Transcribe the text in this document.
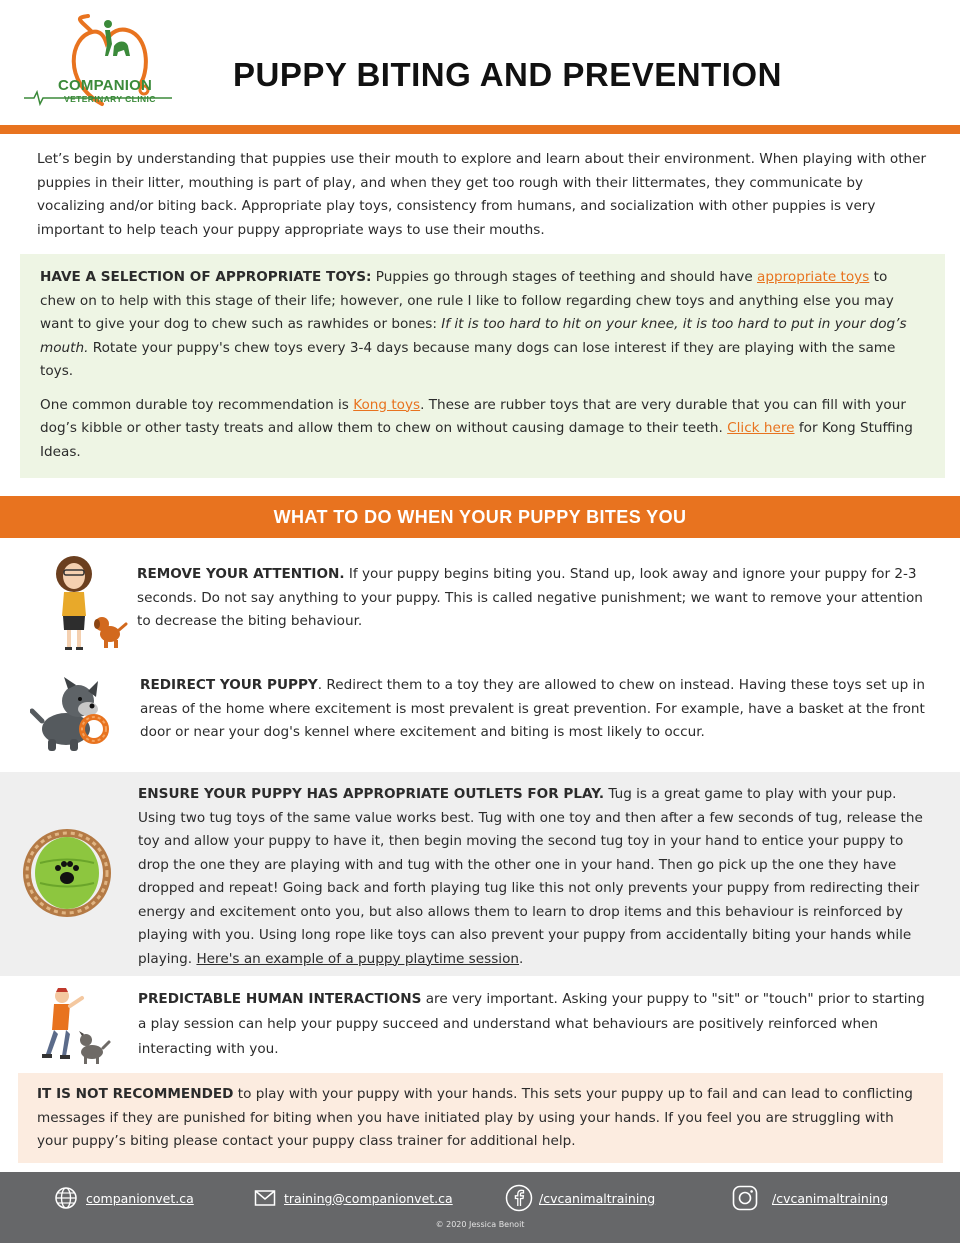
COMPANION
VETERINARY CLINIC
PUPPY BITING AND PREVENTION

Let’s begin by understanding that puppies use their mouth to explore and learn about their environment. When playing with other puppies in their litter, mouthing is part of play, and when they get too rough with their littermates, they communicate by vocalizing and/or biting back. Appropriate play toys, consistency from humans, and socialization with other puppies is very important to help teach your puppy appropriate ways to use their mouths.

HAVE A SELECTION OF APPROPRIATE TOYS: Puppies go through stages of teething and should have appropriate toys to chew on to help with this stage of their life; however, one rule I like to follow regarding chew toys and anything else you may want to give your dog to chew such as rawhides or bones: If it is too hard to hit on your knee, it is too hard to put in your dog’s mouth. Rotate your puppy's chew toys every 3-4 days because many dogs can lose interest if they are playing with the same toys.

One common durable toy recommendation is Kong toys. These are rubber toys that are very durable that you can fill with your dog’s kibble or other tasty treats and allow them to chew on without causing damage to their teeth. Click here for Kong Stuffing Ideas.

WHAT TO DO WHEN YOUR PUPPY BITES YOU

REMOVE YOUR ATTENTION. If your puppy begins biting you. Stand up, look away and ignore your puppy for 2-3 seconds. Do not say anything to your puppy. This is called negative punishment; we want to remove your attention to decrease the biting behaviour.

REDIRECT YOUR PUPPY. Redirect them to a toy they are allowed to chew on instead. Having these toys set up in areas of the home where excitement is most prevalent is great prevention. For example, have a basket at the front door or near your dog's kennel where excitement and biting is most likely to occur.

ENSURE YOUR PUPPY HAS APPROPRIATE OUTLETS FOR PLAY. Tug is a great game to play with your pup. Using two tug toys of the same value works best. Tug with one toy and then after a few seconds of tug, release the toy and allow your puppy to have it, then begin moving the second tug toy in your hand to entice your puppy to drop the one they are playing with and tug with the other one in your hand. Then go pick up the one they have dropped and repeat! Going back and forth playing tug like this not only prevents your puppy from redirecting their energy and excitement onto you, but also allows them to learn to drop items and this behaviour is reinforced by playing with you. Using long rope like toys can also prevent your puppy from accidentally biting your hands while playing. Here's an example of a puppy playtime session.

PREDICTABLE HUMAN INTERACTIONS are very important. Asking your puppy to "sit" or "touch" prior to starting a play session can help your puppy succeed and understand what behaviours are positively reinforced when interacting with you.

IT IS NOT RECOMMENDED to play with your puppy with your hands. This sets your puppy up to fail and can lead to conflicting messages if they are punished for biting when you have initiated play by using your hands. If you feel you are struggling with your puppy’s biting please contact your puppy class trainer for additional help.

companionvet.ca	training@companionvet.ca	/cvcanimaltraining	/cvcanimaltraining
© 2020 Jessica Benoit
